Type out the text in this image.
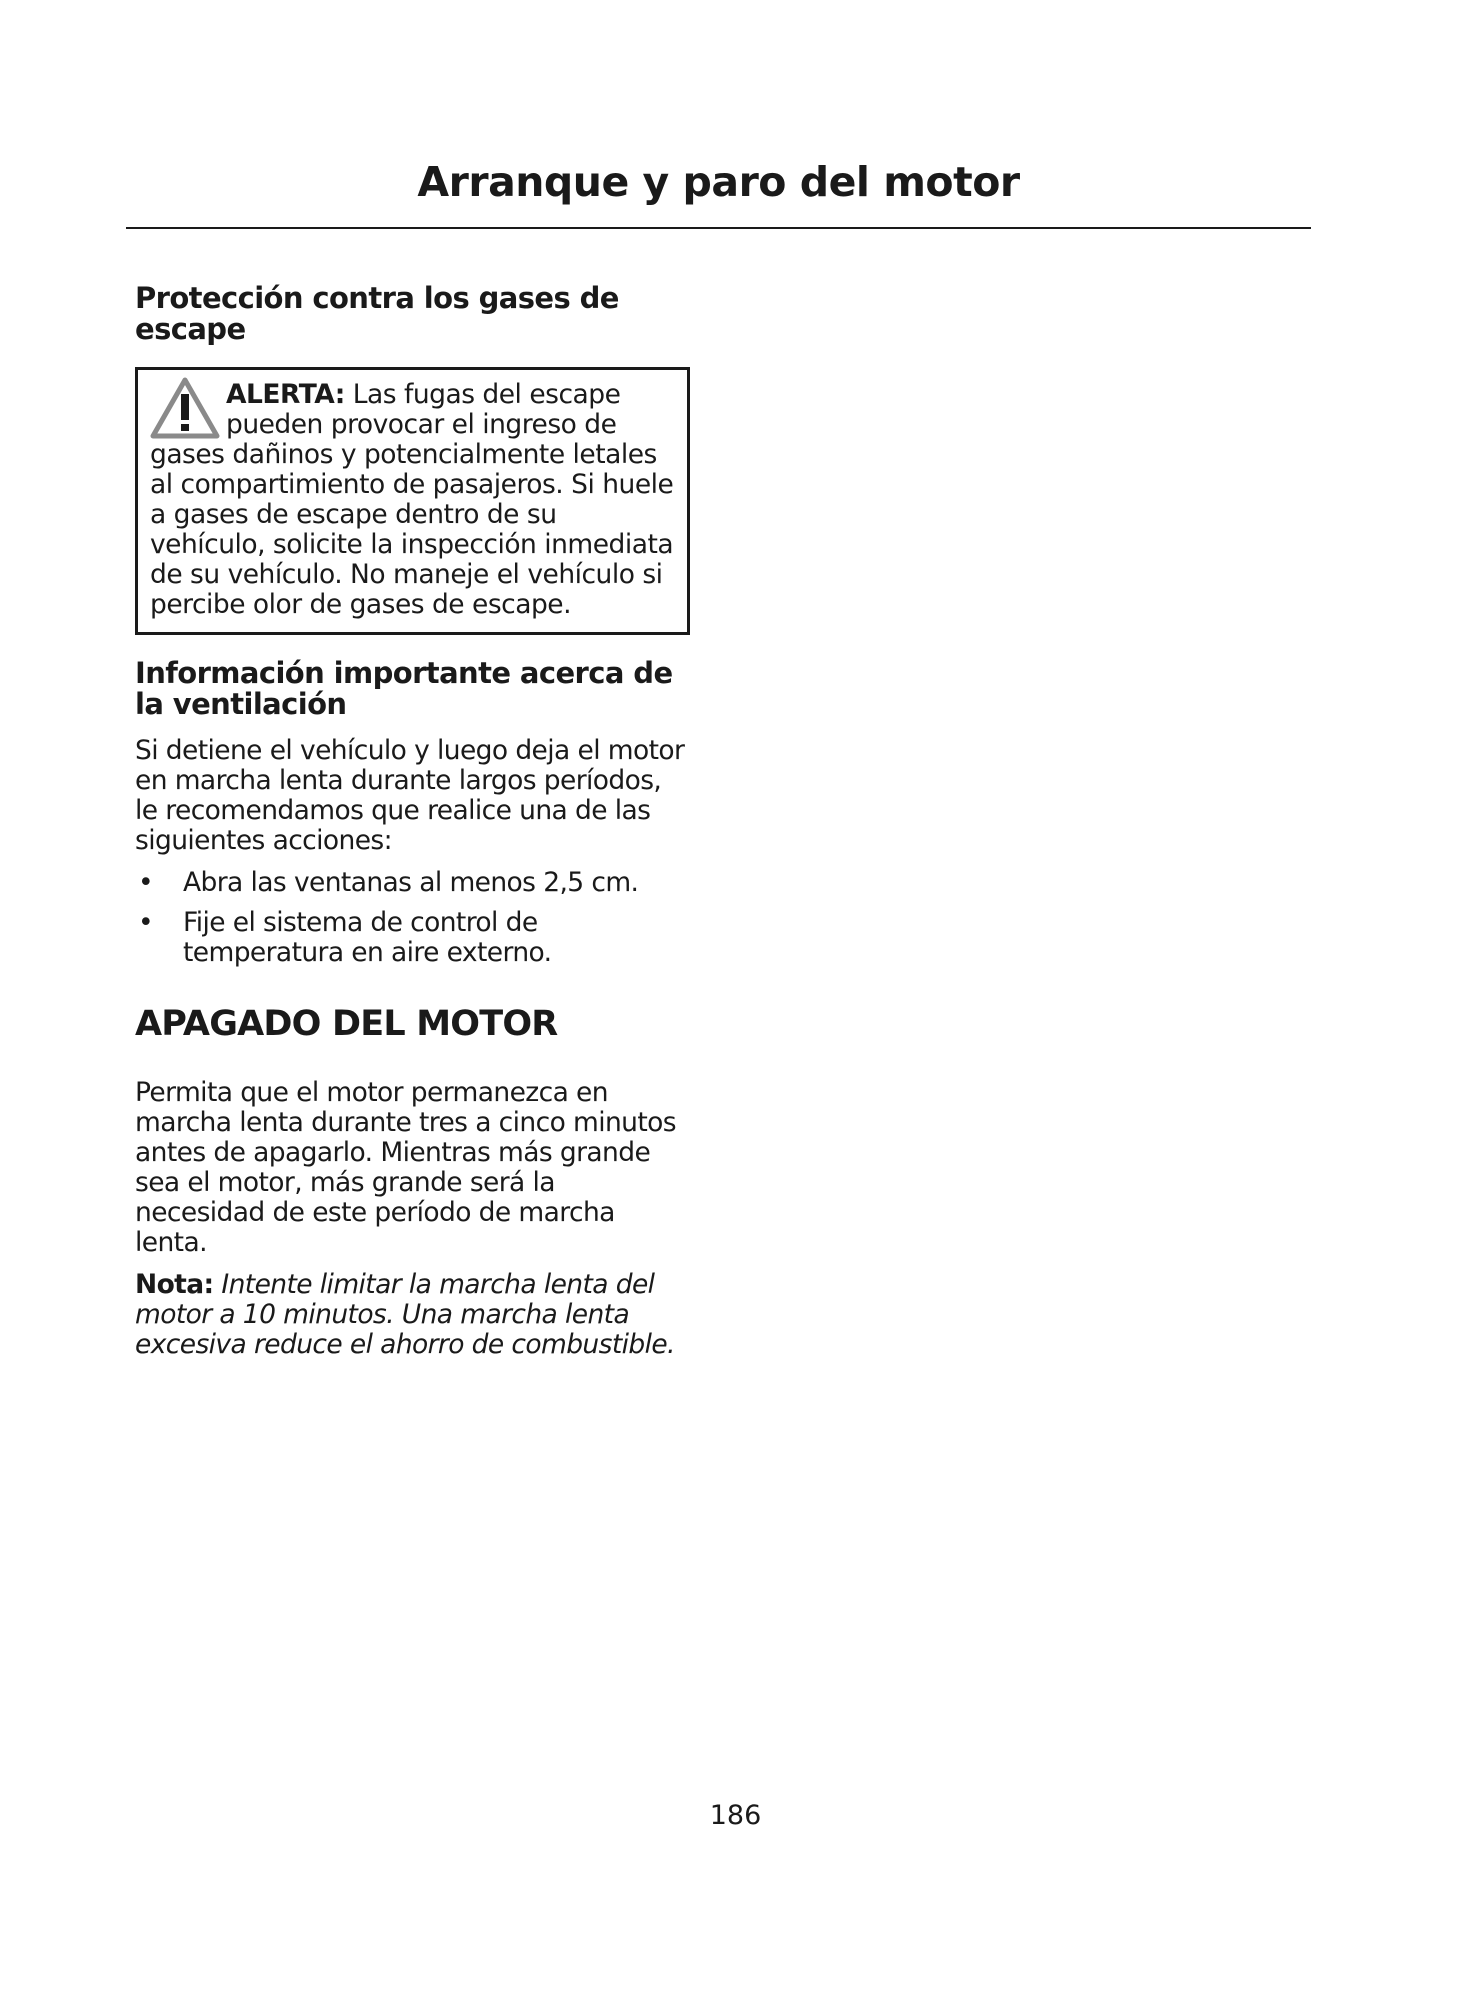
Arranque y paro del motor
Protección contra los gases de escape
ALERTA: Las fugas del escape pueden provocar el ingreso de gases dañinos y potencialmente letales al compartimiento de pasajeros. Si huele a gases de escape dentro de su vehículo, solicite la inspección inmediata de su vehículo. No maneje el vehículo si percibe olor de gases de escape.
Información importante acerca de la ventilación

Si detiene el vehículo y luego deja el motor en marcha lenta durante largos períodos, le recomendamos que realice una de las siguientes acciones:

• Abra las ventanas al menos 2,5 cm.
• Fije el sistema de control de temperatura en aire externo.
APAGADO DEL MOTOR

Permita que el motor permanezca en marcha lenta durante tres a cinco minutos antes de apagarlo. Mientras más grande sea el motor, más grande será la necesidad de este período de marcha lenta.

Nota: Intente limitar la marcha lenta del motor a 10 minutos. Una marcha lenta excesiva reduce el ahorro de combustible.

186
